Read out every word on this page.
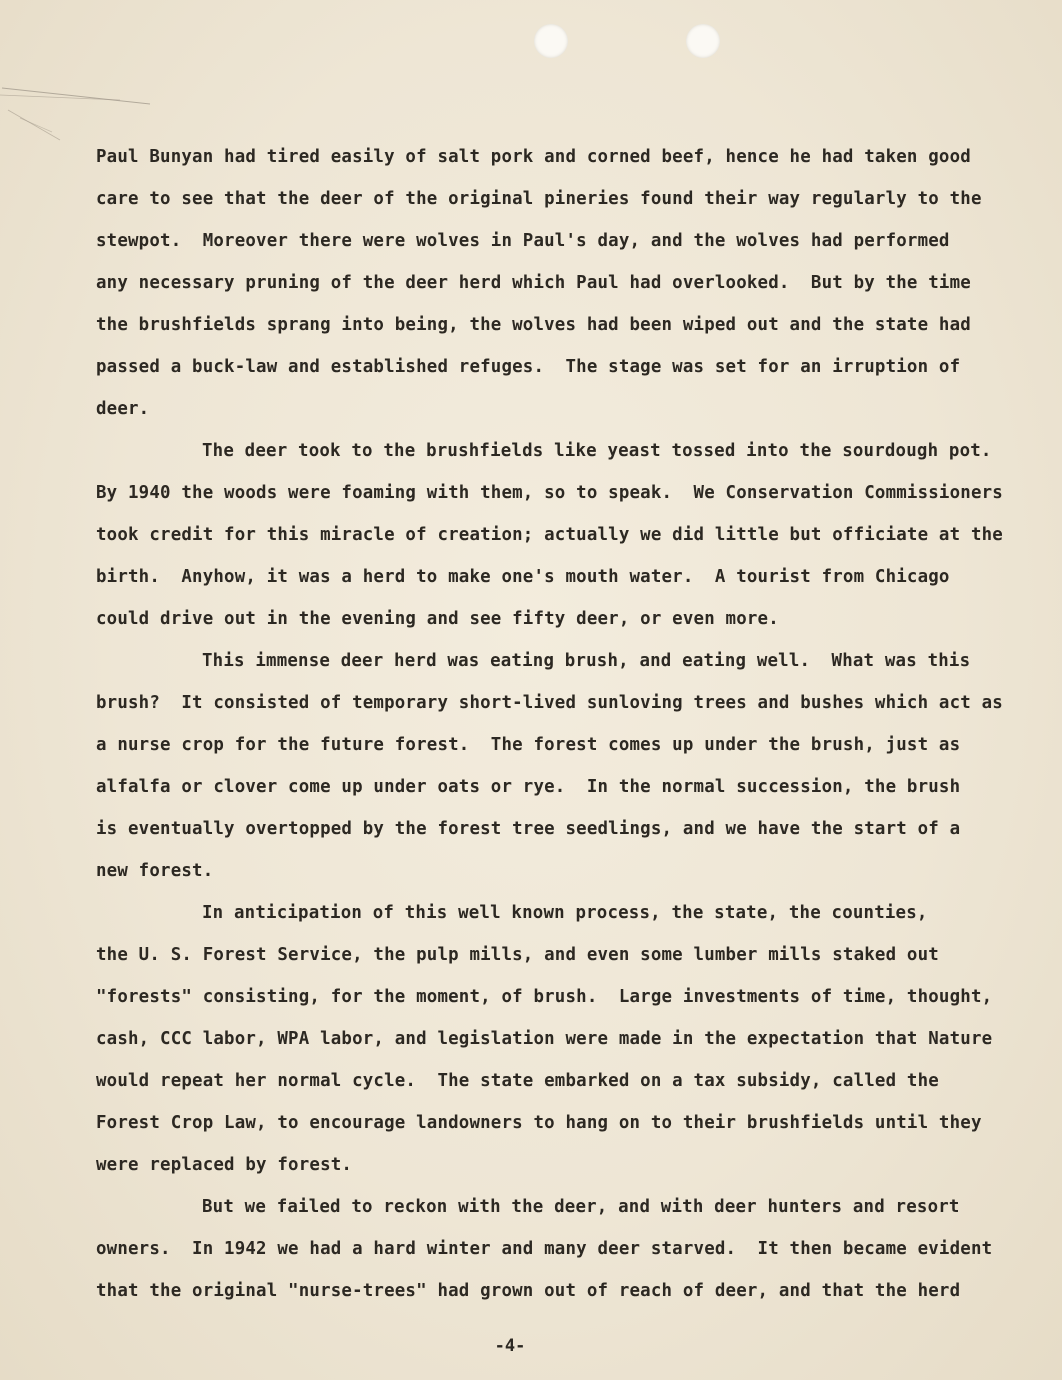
Paul Bunyan had tired easily of salt pork and corned beef, hence he had taken good
care to see that the deer of the original pineries found their way regularly to the
stewpot.  Moreover there were wolves in Paul's day, and the wolves had performed
any necessary pruning of the deer herd which Paul had overlooked.  But by the time
the brushfields sprang into being, the wolves had been wiped out and the state had
passed a buck-law and established refuges.  The stage was set for an irruption of
deer.
The deer took to the brushfields like yeast tossed into the sourdough pot.
By 1940 the woods were foaming with them, so to speak.  We Conservation Commissioners
took credit for this miracle of creation; actually we did little but officiate at the
birth.  Anyhow, it was a herd to make one's mouth water.  A tourist from Chicago
could drive out in the evening and see fifty deer, or even more.
This immense deer herd was eating brush, and eating well.  What was this
brush?  It consisted of temporary short-lived sunloving trees and bushes which act as
a nurse crop for the future forest.  The forest comes up under the brush, just as
alfalfa or clover come up under oats or rye.  In the normal succession, the brush
is eventually overtopped by the forest tree seedlings, and we have the start of a
new forest.
In anticipation of this well known process, the state, the counties,
the U. S. Forest Service, the pulp mills, and even some lumber mills staked out
"forests" consisting, for the moment, of brush.  Large investments of time, thought,
cash, CCC labor, WPA labor, and legislation were made in the expectation that Nature
would repeat her normal cycle.  The state embarked on a tax subsidy, called the
Forest Crop Law, to encourage landowners to hang on to their brushfields until they
were replaced by forest.
But we failed to reckon with the deer, and with deer hunters and resort
owners.  In 1942 we had a hard winter and many deer starved.  It then became evident
that the original "nurse-trees" had grown out of reach of deer, and that the herd
-4-
